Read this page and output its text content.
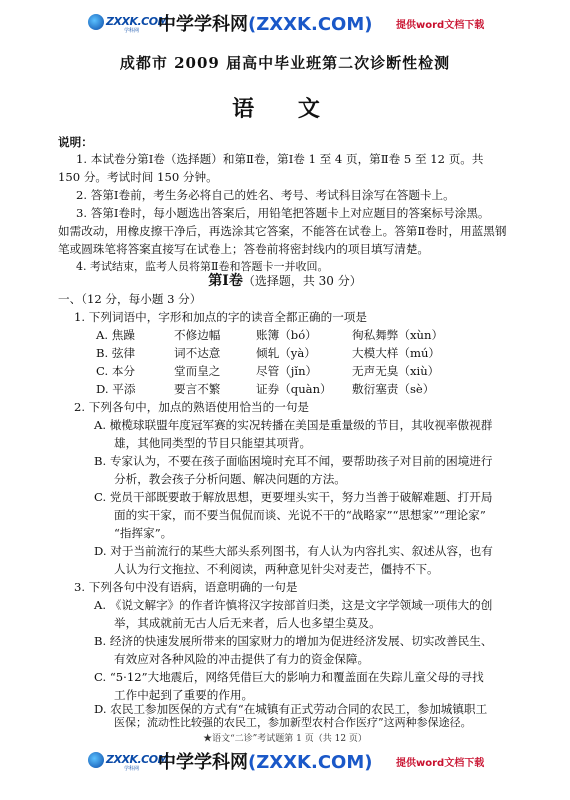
ZXXK.COM
学科网 中学学科网(ZXXK.COM) 提供word文档下载
成都市 2009 届高中毕业班第二次诊断性检测
语 文
说明：
1. 本试卷分第Ⅰ卷（选择题）和第Ⅱ卷，第Ⅰ卷 1 至 4 页，第Ⅱ卷 5 至 12 页。共
150 分。考试时间 150 分钟。
2. 答第Ⅰ卷前，考生务必将自己的姓名、考号、考试科目涂写在答题卡上。
3. 答第Ⅰ卷时，每小题选出答案后，用铅笔把答题卡上对应题目的答案标号涂黑。
如需改动，用橡皮擦干净后，再选涂其它答案，不能答在试卷上。答第Ⅱ卷时，用蓝黑钢
笔或圆珠笔将答案直接写在试卷上；答卷前将密封线内的项目填写清楚。
4. 考试结束，监考人员将第Ⅱ卷和答题卡一并收回。
第Ⅰ卷（选择题，共 30 分）
一、（12 分，每小题 3 分）
1. 下列词语中，字形和加点的字的读音全都正确的一项是
A. 焦躁	不修边幅	账簿（bó）	徇私舞弊（xùn）
B. 弦律	词不达意	倾轧（yà）	大模大样（mú）
C. 本分	堂而皇之	尽管（jǐn）	无声无臭（xiù）
D. 平添	要言不繁	证券（quàn） 敷衍塞责（sè）
2. 下列各句中，加点的熟语使用恰当的一句是
A. 橄榄球联盟年度冠军赛的实况转播在美国是重量级的节目，其收视率傲视群
雄，其他同类型的节目只能望其项背。
B. 专家认为，不要在孩子面临困境时充耳不闻，要帮助孩子对目前的困境进行
分析，教会孩子分析问题、解决问题的方法。
C. 党员干部既要敢于解放思想，更要埋头实干，努力当善于破解难题、打开局
面的实干家，而不要当侃侃而谈、光说不干的“战略家”“思想家”“理论家”
“指挥家”。
D. 对于当前流行的某些大部头系列图书，有人认为内容扎实、叙述从容，也有
人认为行文拖拉、不利阅读，两种意见针尖对麦芒，僵持不下。
3. 下列各句中没有语病，语意明确的一句是
A. 《说文解字》的作者许慎将汉字按部首归类，这是文字学领域一项伟大的创
举，其成就前无古人后无来者，后人也多望尘莫及。
B. 经济的快速发展所带来的国家财力的增加为促进经济发展、切实改善民生、
有效应对各种风险的冲击提供了有力的资金保障。
C. “5·12”大地震后，网络凭借巨大的影响力和覆盖面在失踪儿童父母的寻找
工作中起到了重要的作用。
D. 农民工参加医保的方式有“在城镇有正式劳动合同的农民工，参加城镇职工
医保；流动性比较强的农民工，参加新型农村合作医疗”这两种参保途径。
★语文“二诊”考试题第 1 页（共 12 页）
ZXXK.COM
学科网 中学学科网(ZXXK.COM) 提供word文档下载
